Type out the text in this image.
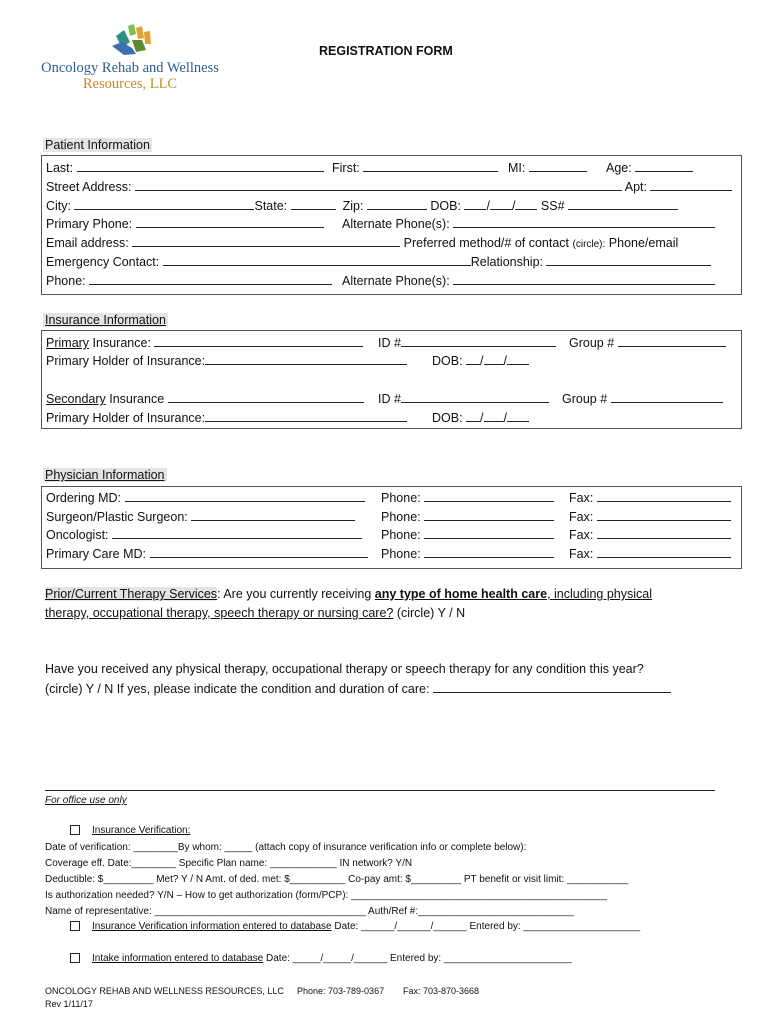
Oncology Rehab and Wellness
Resources, LLC
REGISTRATION FORM
Patient Information
Last:	First:	MI:	Age:
Street Address:	Apt:
City:	State:	Zip:	DOB: / / SS#
Primary Phone:	Alternate Phone(s):
Email address:	Preferred method/# of contact (circle): Phone/email
Emergency Contact:	Relationship:
Phone:	Alternate Phone(s):
Insurance Information
Primary Insurance:	ID #	Group #
Primary Holder of Insurance:	DOB: / /
Secondary Insurance	ID #	Group #
Primary Holder of Insurance:	DOB: / /
Physician Information
Ordering MD:	Phone:	Fax:
Surgeon/Plastic Surgeon:	Phone:	Fax:
Oncologist:	Phone:	Fax:
Primary Care MD:	Phone:	Fax:
Prior/Current Therapy Services: Are you currently receiving any type of home health care, including physical
therapy, occupational therapy, speech therapy or nursing care? (circle) Y / N
Have you received any physical therapy, occupational therapy or speech therapy for any condition this year?
(circle) Y / N If yes, please indicate the condition and duration of care:
For office use only
Insurance Verification:
Date of verification: ________By whom: _____ (attach copy of insurance verification info or complete below):
Coverage eff. Date:________ Specific Plan name: ____________ IN network? Y/N
Deductible: $_________ Met? Y / N Amt. of ded. met: $__________ Co-pay amt: $_________ PT benefit or visit limit: ___________
Is authorization needed? Y/N – How to get authorization (form/PCP): ______________________________________________
Name of representative: ______________________________________ Auth/Ref #:____________________________
Insurance Verification information entered to database Date: ______/______/______ Entered by: _____________________
Intake information entered to database Date: _____/_____/______ Entered by: _______________________
ONCOLOGY REHAB AND WELLNESS RESOURCES, LLC Phone: 703-789-0367 Fax: 703-870-3668
Rev 1/11/17
